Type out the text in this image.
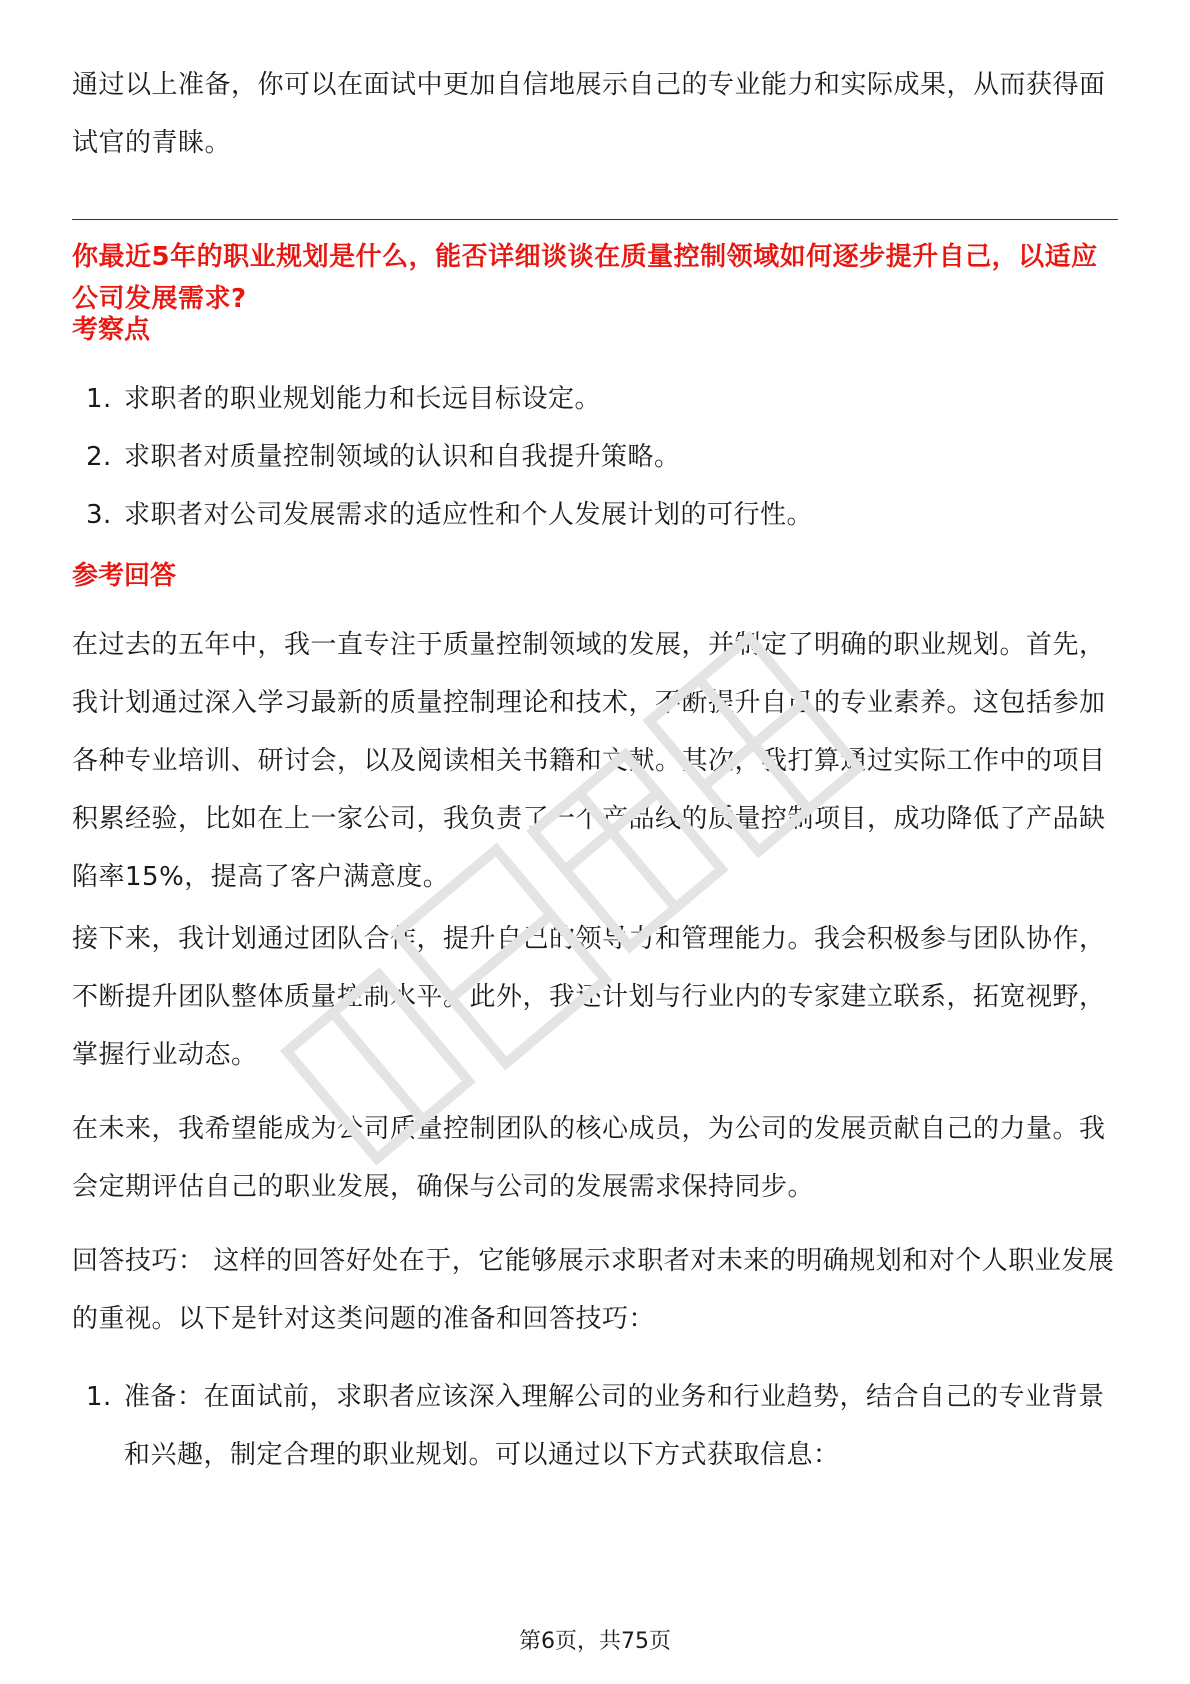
通过以上准备，你可以在面试中更加自信地展示自己的专业能力和实际成果，从而获得面试官的青睐。

你最近5年的职业规划是什么，能否详细谈谈在质量控制领域如何逐步提升自己，以适应公司发展需求?

考察点
1. 求职者的职业规划能力和长远目标设定。
2. 求职者对质量控制领域的认识和自我提升策略。
3. 求职者对公司发展需求的适应性和个人发展计划的可行性。
参考回答

在过去的五年中，我一直专注于质量控制领域的发展，并制定了明确的职业规划。首先，我计划通过深入学习最新的质量控制理论和技术，不断提升自己的专业素养。这包括参加各种专业培训、研讨会，以及阅读相关书籍和文献。其次，我打算通过实际工作中的项目积累经验，比如在上一家公司，我负责了一个产品线的质量控制项目，成功降低了产品缺陷率15%，提高了客户满意度。

接下来，我计划通过团队合作，提升自己的领导力和管理能力。我会积极参与团队协作，不断提升团队整体质量控制水平。此外，我还计划与行业内的专家建立联系，拓宽视野，掌握行业动态。

在未来，我希望能成为公司质量控制团队的核心成员，为公司的发展贡献自己的力量。我会定期评估自己的职业发展，确保与公司的发展需求保持同步。

回答技巧： 这样的回答好处在于，它能够展示求职者对未来的明确规划和对个人职业发展的重视。以下是针对这类问题的准备和回答技巧：

1. 准备：在面试前，求职者应该深入理解公司的业务和行业趋势，结合自己的专业背景和兴趣，制定合理的职业规划。可以通过以下方式获取信息：
第6页，共75页
